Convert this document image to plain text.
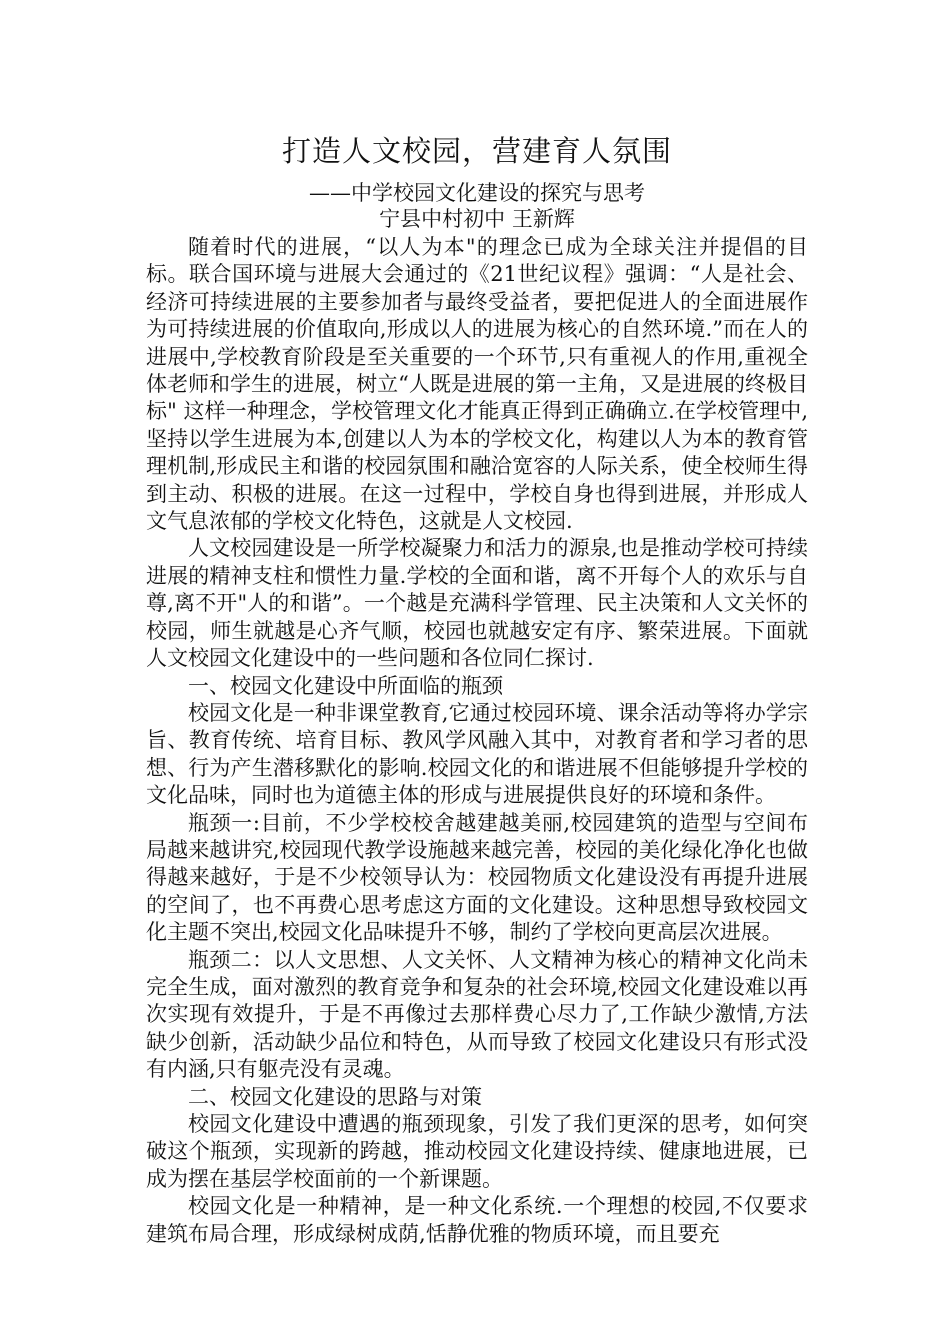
打造人文校园，营建育人氛围

——中学校园文化建设的探究与思考

宁县中村初中 王新辉

随着时代的进展，“以人为本"的理念已成为全球关注并提倡的目标。联合国环境与进展大会通过的《21世纪议程》强调：“人是社会、经济可持续进展的主要参加者与最终受益者，要把促进人的全面进展作为可持续进展的价值取向,形成以人的进展为核心的自然环境.”而在人的进展中,学校教育阶段是至关重要的一个环节,只有重视人的作用,重视全体老师和学生的进展，树立“人既是进展的第一主角，又是进展的终极目标" 这样一种理念，学校管理文化才能真正得到正确确立.在学校管理中,坚持以学生进展为本,创建以人为本的学校文化，构建以人为本的教育管理机制,形成民主和谐的校园氛围和融洽宽容的人际关系，使全校师生得到主动、积极的进展。在这一过程中，学校自身也得到进展，并形成人文气息浓郁的学校文化特色，这就是人文校园.

人文校园建设是一所学校凝聚力和活力的源泉,也是推动学校可持续进展的精神支柱和惯性力量.学校的全面和谐，离不开每个人的欢乐与自尊,离不开"人的和谐”。一个越是充满科学管理、民主决策和人文关怀的校园，师生就越是心齐气顺，校园也就越安定有序、繁荣进展。下面就人文校园文化建设中的一些问题和各位同仁探讨.

一、校园文化建设中所面临的瓶颈

校园文化是一种非课堂教育,它通过校园环境、课余活动等将办学宗旨、教育传统、培育目标、教风学风融入其中，对教育者和学习者的思想、行为产生潜移默化的影响.校园文化的和谐进展不但能够提升学校的文化品味，同时也为道德主体的形成与进展提供良好的环境和条件。

瓶颈一:目前，不少学校校舍越建越美丽,校园建筑的造型与空间布局越来越讲究,校园现代教学设施越来越完善，校园的美化绿化净化也做得越来越好，于是不少校领导认为：校园物质文化建设没有再提升进展的空间了，也不再费心思考虑这方面的文化建设。这种思想导致校园文化主题不突出,校园文化品味提升不够，制约了学校向更高层次进展。

瓶颈二：以人文思想、人文关怀、人文精神为核心的精神文化尚未完全生成，面对激烈的教育竞争和复杂的社会环境,校园文化建设难以再次实现有效提升，于是不再像过去那样费心尽力了,工作缺少激情,方法缺少创新，活动缺少品位和特色，从而导致了校园文化建设只有形式没有内涵,只有躯壳没有灵魂。

二、校园文化建设的思路与对策

校园文化建设中遭遇的瓶颈现象，引发了我们更深的思考，如何突破这个瓶颈，实现新的跨越，推动校园文化建设持续、健康地进展，已成为摆在基层学校面前的一个新课题。

校园文化是一种精神，是一种文化系统.一个理想的校园,不仅要求建筑布局合理，形成绿树成荫,恬静优雅的物质环境，而且要充
